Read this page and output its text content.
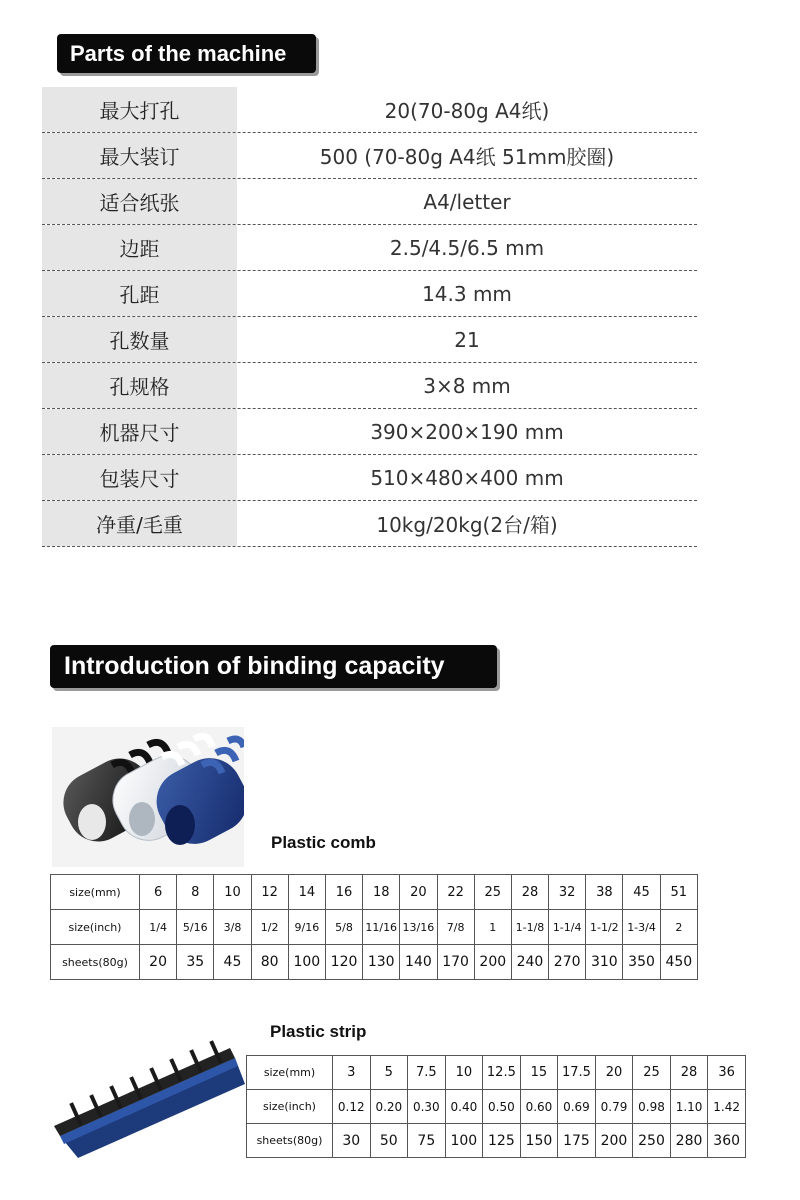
Parts of the machine
最大打孔	20(70-80g A4纸)
最大装订	500 (70-80g A4纸 51mm胶圈)
适合纸张	A4/letter
边距	2.5/4.5/6.5 mm
孔距	14.3 mm
孔数量	21
孔规格	3×8 mm
机器尺寸	390×200×190 mm
包装尺寸	510×480×400 mm
净重/毛重	10kg/20kg(2台/箱)
Introduction of binding capacity
Plastic comb
size(mm)	6	8	10	12	14	16	18	20	22	25	28	32	38	45	51
size(inch)	1/4	5/16	3/8	1/2	9/16	5/8	11/16	13/16	7/8	1	1-1/8	1-1/4	1-1/2	1-3/4	2
sheets(80g)	20	35	45	80	100	120	130	140	170	200	240	270	310	350	450
Plastic strip
size(mm)	3	5	7.5	10	12.5	15	17.5	20	25	28	36
size(inch)	0.12	0.20	0.30	0.40	0.50	0.60	0.69	0.79	0.98	1.10	1.42
sheets(80g)	30	50	75	100	125	150	175	200	250	280	360
